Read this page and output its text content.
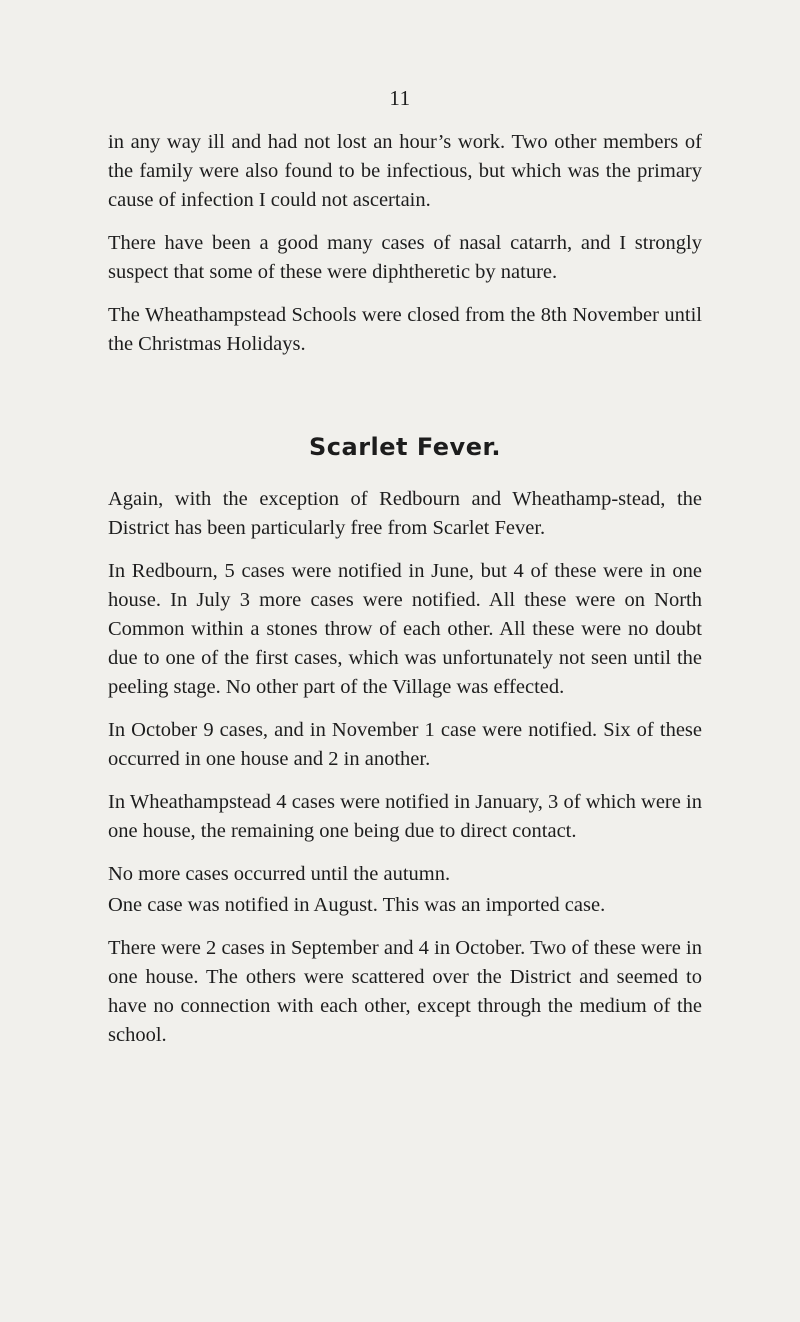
11

in any way ill and had not lost an hour’s work. Two other members of the family were also found to be infectious, but which was the primary cause of infection I could not ascertain.

There have been a good many cases of nasal catarrh, and I strongly suspect that some of these were diphtheretic by nature.

The Wheathampstead Schools were closed from the 8th November until the Christmas Holidays.

Scarlet Fever.

Again, with the exception of Redbourn and Wheathamp-stead, the District has been particularly free from Scarlet Fever.

In Redbourn, 5 cases were notified in June, but 4 of these were in one house. In July 3 more cases were notified. All these were on North Common within a stones throw of each other. All these were no doubt due to one of the first cases, which was unfortunately not seen until the peeling stage. No other part of the Village was effected.

In October 9 cases, and in November 1 case were notified. Six of these occurred in one house and 2 in another.

In Wheathampstead 4 cases were notified in January, 3 of which were in one house, the remaining one being due to direct contact.

No more cases occurred until the autumn.

One case was notified in August. This was an imported case.

There were 2 cases in September and 4 in October. Two of these were in one house. The others were scattered over the District and seemed to have no connection with each other, except through the medium of the school.
